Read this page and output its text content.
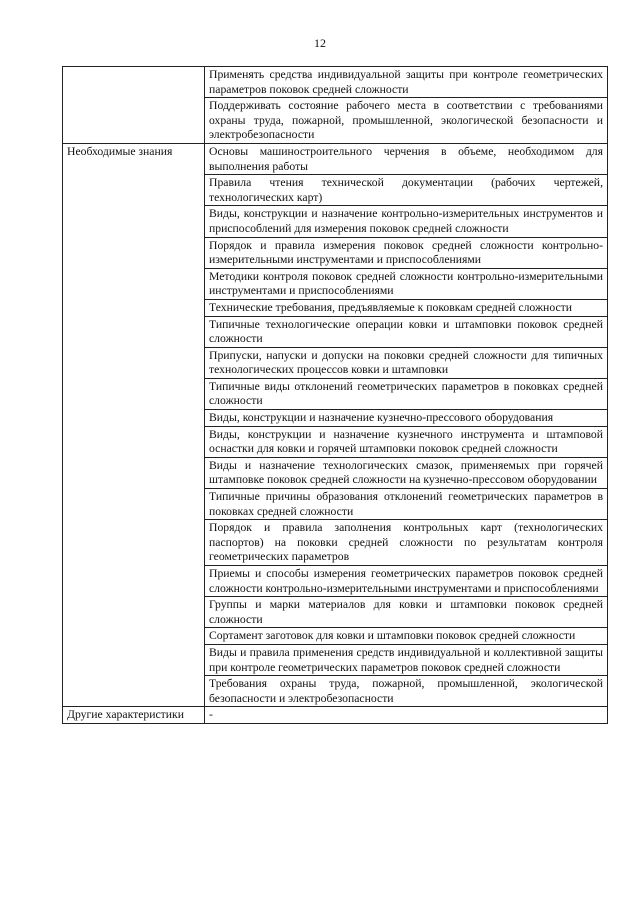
12
	Применять средства индивидуальной защиты при контроле геометрических параметров поковок средней сложности
	Поддерживать состояние рабочего места в соответствии с требованиями охраны труда, пожарной, промышленной, экологической безопасности и электробезопасности
Необходимые знания	Основы машиностроительного черчения в объеме, необходимом для выполнения работы
	Правила чтения технической документации (рабочих чертежей, технологических карт)
	Виды, конструкции и назначение контрольно-измерительных инструментов и приспособлений для измерения поковок средней сложности
	Порядок и правила измерения поковок средней сложности контрольно-измерительными инструментами и приспособлениями
	Методики контроля поковок средней сложности контрольно-измерительными инструментами и приспособлениями
	Технические требования, предъявляемые к поковкам средней сложности
	Типичные технологические операции ковки и штамповки поковок средней сложности
	Припуски, напуски и допуски на поковки средней сложности для типичных технологических процессов ковки и штамповки
	Типичные виды отклонений геометрических параметров в поковках средней сложности
	Виды, конструкции и назначение кузнечно-прессового оборудования
	Виды, конструкции и назначение кузнечного инструмента и штамповой оснастки для ковки и горячей штамповки поковок средней сложности
	Виды и назначение технологических смазок, применяемых при горячей штамповке поковок средней сложности на кузнечно-прессовом оборудовании
	Типичные причины образования отклонений геометрических параметров в поковках средней сложности
	Порядок и правила заполнения контрольных карт (технологических паспортов) на поковки средней сложности по результатам контроля геометрических параметров
	Приемы и способы измерения геометрических параметров поковок средней сложности контрольно-измерительными инструментами и приспособлениями
	Группы и марки материалов для ковки и штамповки поковок средней сложности
	Сортамент заготовок для ковки и штамповки поковок средней сложности
	Виды и правила применения средств индивидуальной и коллективной защиты при контроле геометрических параметров поковок средней сложности
	Требования охраны труда, пожарной, промышленной, экологической безопасности и электробезопасности
Другие характеристики	-
